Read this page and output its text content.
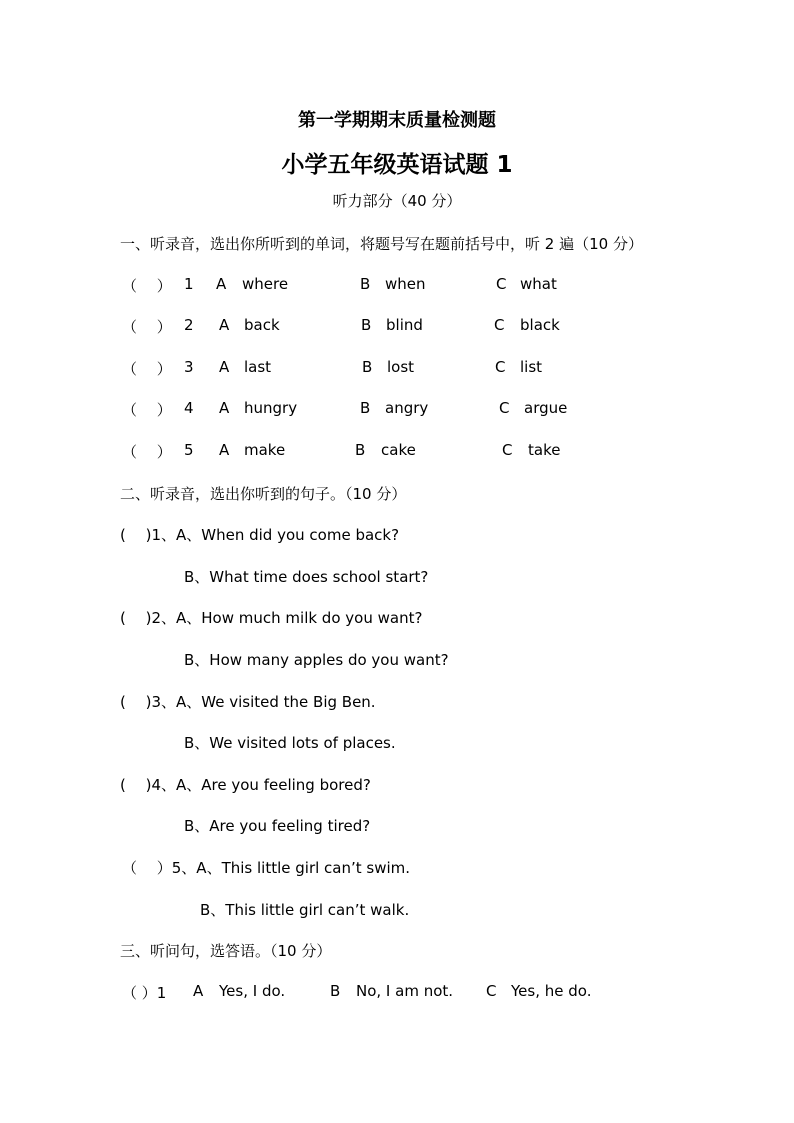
第一学期期末质量检测题
小学五年级英语试题 1
听力部分（40 分）
一、听录音，选出你所听到的单词，将题号写在题前括号中，听 2 遍（10 分）
（　 ） 1 A where	B when	C what
（　 ） 2 A back	B blind	C black
（　 ） 3 A last	B lost	C list
（　 ） 4 A hungry	B angry	C argue
（　 ） 5 A make	B cake	C take
二、听录音，选出你听到的句子。（10 分）
(　 )1、A、When did you come back?
B、What time does school start?
(　 )2、A、How much milk do you want?
B、How many apples do you want?
(　 )3、A、We visited the Big Ben.
B、We visited lots of places.
(　 )4、A、Are you feeling bored?
B、Are you feeling tired?
（　 ）5、A、This little girl can’t swim.
B、This little girl can’t walk.
三、听问句，选答语。（10 分）
（ ）1 A Yes, I do.	B No, I am not. C Yes, he do.
